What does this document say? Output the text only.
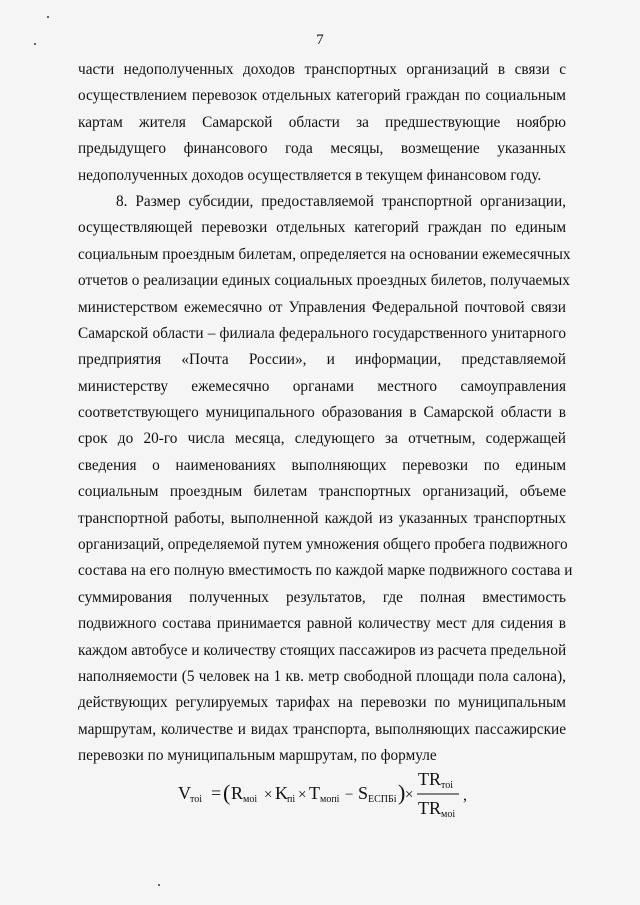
7
части недополученных доходов транспортных организаций в связи с
осуществлением перевозок отдельных категорий граждан по социальным
картам жителя Самарской области за предшествующие ноябрю
предыдущего финансового года месяцы, возмещение указанных
недополученных доходов осуществляется в текущем финансовом году.
8. Размер субсидии, предоставляемой транспортной организации,
осуществляющей перевозки отдельных категорий граждан по единым
социальным проездным билетам, определяется на основании ежемесячных
отчетов о реализации единых социальных проездных билетов, получаемых
министерством ежемесячно от Управления Федеральной почтовой связи
Самарской области – филиала федерального государственного унитарного
предприятия «Почта России», и информации, представляемой
министерству ежемесячно органами местного самоуправления
соответствующего муниципального образования в Самарской области в
срок до 20-го числа месяца, следующего за отчетным, содержащей
сведения о наименованиях выполняющих перевозки по единым
социальным проездным билетам транспортных организаций, объеме
транспортной работы, выполненной каждой из указанных транспортных
организаций, определяемой путем умножения общего пробега подвижного
состава на его полную вместимость по каждой марке подвижного состава и
суммирования полученных результатов, где полная вместимость
подвижного состава принимается равной количеству мест для сидения в
каждом автобусе и количеству стоящих пассажиров из расчета предельной
наполняемости (5 человек на 1 кв. метр свободной площади пола салона),
действующих регулируемых тарифах на перевозки по муниципальным
маршрутам, количестве и видах транспорта, выполняющих пассажирские
перевозки по муниципальным маршрутам, по формуле
V тоi = ( R моi × K пi × T мопi − S ЕСПБi ) ×
TR тоi
TR моi
,
